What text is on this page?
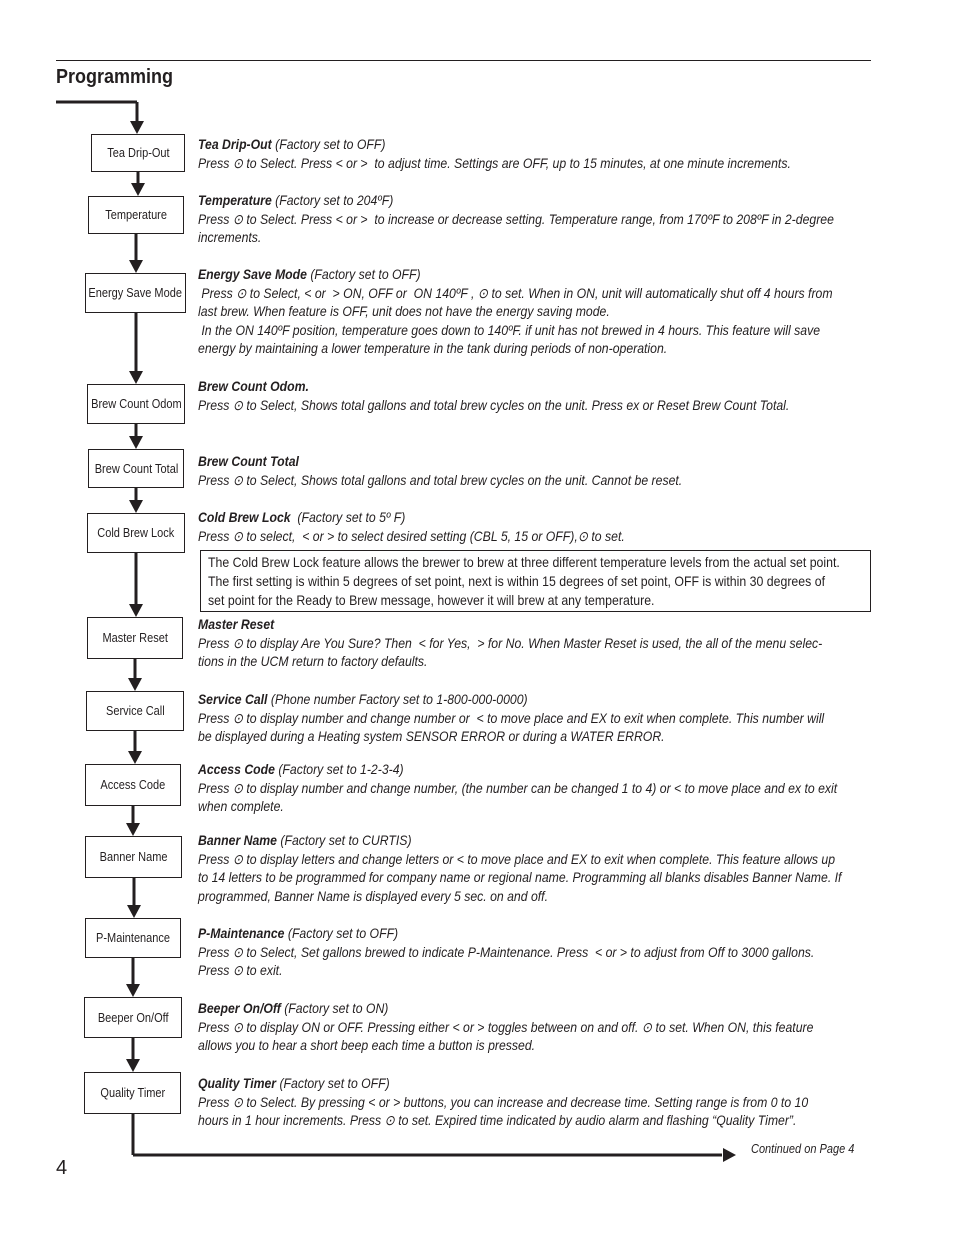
Programming
Tea Drip-Out
Temperature
Energy Save Mode
Brew Count Odom
Brew Count Total
Cold Brew Lock
Master Reset
Service Call
Access Code
Banner Name
P-Maintenance
Beeper On/Off
Quality Timer
Tea Drip-Out (Factory set to OFF)
Press ⊙ to Select. Press < or >  to adjust time. Settings are OFF, up to 15 minutes, at one minute increments.
Temperature (Factory set to 204ºF)
Press ⊙ to Select. Press < or >  to increase or decrease setting. Temperature range, from 170ºF to 208ºF in 2-degree
increments.
Energy Save Mode (Factory set to OFF)
Press ⊙ to Select, < or  > ON, OFF or  ON 140ºF , ⊙ to set. When in ON, unit will automatically shut off 4 hours from
last brew. When feature is OFF, unit does not have the energy saving mode.
In the ON 140ºF position, temperature goes down to 140ºF. if unit has not brewed in 4 hours. This feature will save
energy by maintaining a lower temperature in the tank during periods of non-operation.
Brew Count Odom.
Press ⊙ to Select, Shows total gallons and total brew cycles on the unit. Press ex or Reset Brew Count Total.
Brew Count Total
Press ⊙ to Select, Shows total gallons and total brew cycles on the unit. Cannot be reset.
Cold Brew Lock  (Factory set to 5º F)
Press ⊙ to select,  < or > to select desired setting (CBL 5, 15 or OFF),⊙ to set.
Master Reset
Press ⊙ to display Are You Sure? Then  < for Yes,  > for No. When Master Reset is used, the all of the menu selec-
tions in the UCM return to factory defaults.
Service Call (Phone number Factory set to 1-800-000-0000)
Press ⊙ to display number and change number or  < to move place and EX to exit when complete. This number will
be displayed during a Heating system SENSOR ERROR or during a WATER ERROR.
Access Code (Factory set to 1-2-3-4)
Press ⊙ to display number and change number, (the number can be changed 1 to 4) or < to move place and ex to exit
when complete.
Banner Name (Factory set to CURTIS)
Press ⊙ to display letters and change letters or < to move place and EX to exit when complete. This feature allows up
to 14 letters to be programmed for company name or regional name. Programming all blanks disables Banner Name. If
programmed, Banner Name is displayed every 5 sec. on and off.
P-Maintenance (Factory set to OFF)
Press ⊙ to Select, Set gallons brewed to indicate P-Maintenance. Press  < or > to adjust from Off to 3000 gallons.
Press ⊙ to exit.
Beeper On/Off (Factory set to ON)
Press ⊙ to display ON or OFF. Pressing either < or > toggles between on and off. ⊙ to set. When ON, this feature
allows you to hear a short beep each time a button is pressed.
Quality Timer (Factory set to OFF)
Press ⊙ to Select. By pressing < or > buttons, you can increase and decrease time. Setting range is from 0 to 10
hours in 1 hour increments. Press ⊙ to set. Expired time indicated by audio alarm and flashing “Quality Timer”.
The Cold Brew Lock feature allows the brewer to brew at three different temperature levels from the actual set point.
The first setting is within 5 degrees of set point, next is within 15 degrees of set point, OFF is within 30 degrees of
set point for the Ready to Brew message, however it will brew at any temperature.
Continued on Page 4
4
